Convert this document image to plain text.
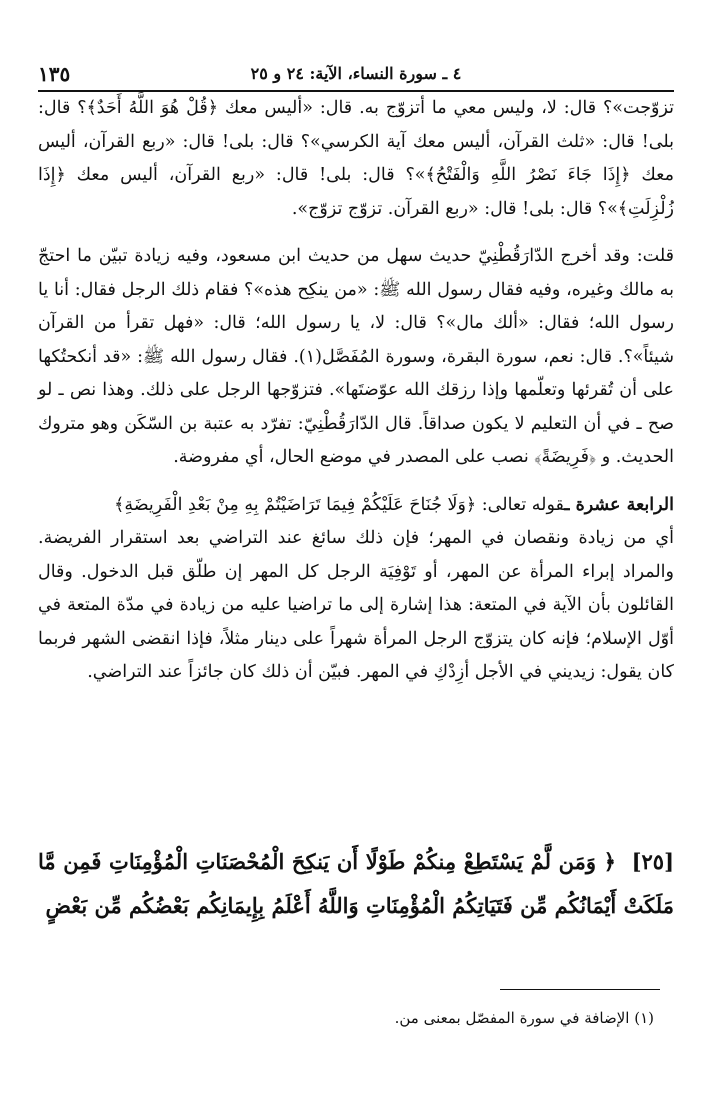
١٣٥	٤ ـ سورة النساء، الآية: ٢٤ و ٢٥

تزوّجت»؟ قال: لا، وليس معي ما أتزوّج به. قال: «أليس معك ﴿قُلْ هُوَ اللَّهُ أَحَدٌ﴾؟ قال: بلى! قال: «ثلث القرآن، أليس معك آية الكرسي»؟ قال: بلى! قال: «ربع القرآن، أليس معك ﴿إِذَا جَاءَ نَصْرُ اللَّهِ وَالْفَتْحُ﴾»؟ قال: بلى! قال: «ربع القرآن، أليس معك ﴿إِذَا زُلْزِلَتِ﴾»؟ قال: بلى! قال: «ربع القرآن. تزوّج تزوّج».

قلت: وقد أخرج الدّارَقُطْنِيّ حديث سهل من حديث ابن مسعود، وفيه زيادة تبيّن ما احتجّ به مالك وغيره، وفيه فقال رسول الله ﷺ: «من ينكِح هذه»؟ فقام ذلك الرجل فقال: أنا يا رسول الله؛ فقال: «ألك مال»؟ قال: لا، يا رسول الله؛ قال: «فهل تقرأ من القرآن شيئاً»؟. قال: نعم، سورة البقرة، وسورة المُفَصَّل(١). فقال رسول الله ﷺ: «قد أنكحتُكها على أن تُقرئها وتعلّمها وإذا رزقك الله عوّضتَها». فتزوّجها الرجل على ذلك. وهذا نص ـ لو صح ـ في أن التعليم لا يكون صداقاً. قال الدّارَقُطْنِيّ: تفرّد به عتبة بن السّكَن وهو متروك الحديث. و ﴿فَرِيضَةً﴾ نصب على المصدر في موضع الحال، أي مفروضة.

الرابعة عشرة ـقوله تعالى: ﴿وَلَا جُنَاحَ عَلَيْكُمْ فِيمَا تَرَاضَيْتُمْ بِهِ مِنْ بَعْدِ الْفَرِيضَةِ﴾

أي من زيادة ونقصان في المهر؛ فإن ذلك سائغ عند التراضي بعد استقرار الفريضة. والمراد إبراء المرأة عن المهر، أو تَوْفِيَة الرجل كل المهر إن طلّق قبل الدخول. وقال القائلون بأن الآية في المتعة: هذا إشارة إلى ما تراضيا عليه من زيادة في مدّة المتعة في أوّل الإسلام؛ فإنه كان يتزوّج الرجل المرأة شهراً على دينار مثلاً، فإذا انقضى الشهر فربما كان يقول: زيديني في الأجل أزِدْكِ في المهر. فبيّن أن ذلك كان جائزاً عند التراضي.

[٢٥] ﴿ وَمَن لَّمْ يَسْتَطِعْ مِنكُمْ طَوْلًا أَن يَنكِحَ الْمُحْصَنَاتِ الْمُؤْمِنَاتِ فَمِن مَّا مَلَكَتْ أَيْمَانُكُم مِّن فَتَيَاتِكُمُ الْمُؤْمِنَاتِ وَاللَّهُ أَعْلَمُ بِإِيمَانِكُم بَعْضُكُم مِّن بَعْضٍ
(١) الإضافة في سورة المفصّل بمعنى من.
